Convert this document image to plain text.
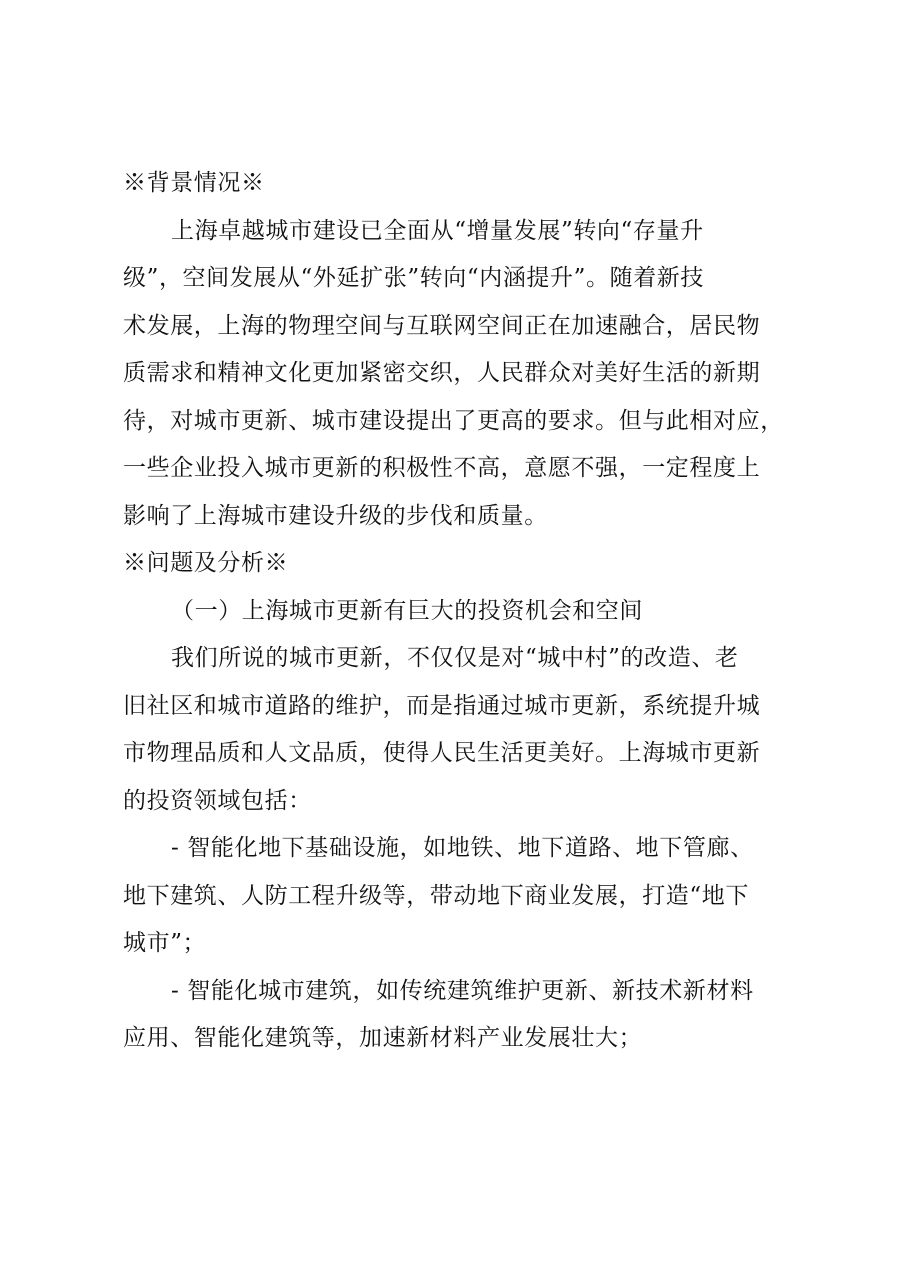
※背景情况※
上海卓越城市建设已全面从“增量发展”转向“存量升
级”，空间发展从“外延扩张”转向“内涵提升”。随着新技
术发展，上海的物理空间与互联网空间正在加速融合，居民物
质需求和精神文化更加紧密交织，人民群众对美好生活的新期
待，对城市更新、城市建设提出了更高的要求。但与此相对应，
一些企业投入城市更新的积极性不高，意愿不强，一定程度上
影响了上海城市建设升级的步伐和质量。
※问题及分析※
（一）上海城市更新有巨大的投资机会和空间
我们所说的城市更新，不仅仅是对“城中村”的改造、老
旧社区和城市道路的维护，而是指通过城市更新，系统提升城
市物理品质和人文品质，使得人民生活更美好。上海城市更新
的投资领域包括：
- 智能化地下基础设施，如地铁、地下道路、地下管廊、
地下建筑、人防工程升级等，带动地下商业发展，打造“地下
城市”；
- 智能化城市建筑，如传统建筑维护更新、新技术新材料
应用、智能化建筑等，加速新材料产业发展壮大；
